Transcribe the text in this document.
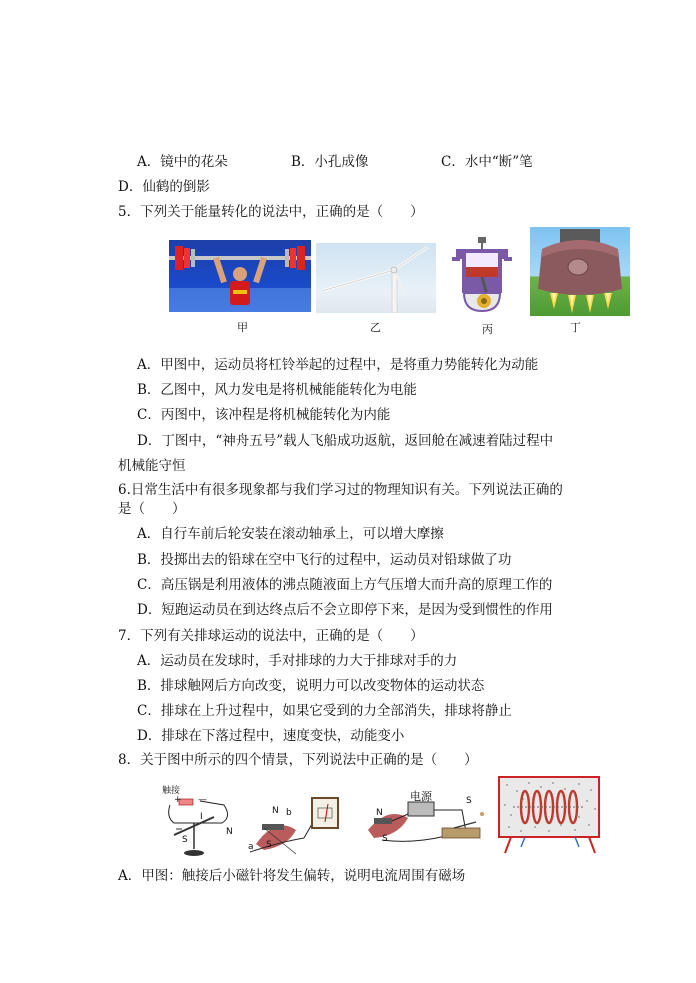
A．镜中的花朵	B．小孔成像	C．水中“断”笔
D．仙鹤的倒影
5．下列关于能量转化的说法中，正确的是（　　）
甲	乙	丙	丁
A．甲图中，运动员将杠铃举起的过程中，是将重力势能转化为动能
B．乙图中，风力发电是将机械能能转化为电能
C．丙图中，该冲程是将机械能转化为内能
D．丁图中，“神舟五号”载人飞船成功返航，返回舱在减速着陆过程中
机械能守恒
6.日常生活中有很多现象都与我们学习过的物理知识有关。下列说法正确的
是（　　）
A．自行车前后轮安装在滚动轴承上，可以增大摩擦
B．投掷出去的铅球在空中飞行的过程中，运动员对铅球做了功
C．高压锅是利用液体的沸点随液面上方气压增大而升高的原理工作的
D．短跑运动员在到达终点后不会立即停下来，是因为受到惯性的作用
7．下列有关排球运动的说法中，正确的是（　　）
A．运动员在发球时，手对排球的力大于排球对手的力
B．排球触网后方向改变，说明力可以改变物体的运动状态
C．排球在上升过程中，如果它受到的力全部消失，排球将静止
D．排球在下落过程中，速度变快，动能变小
8．关于图中所示的四个情景，下列说法中正确的是（　　）
触接
+ —
I
N
S
N b
a S
电源
N
S
S
A．甲图：触接后小磁针将发生偏转，说明电流周围有磁场
